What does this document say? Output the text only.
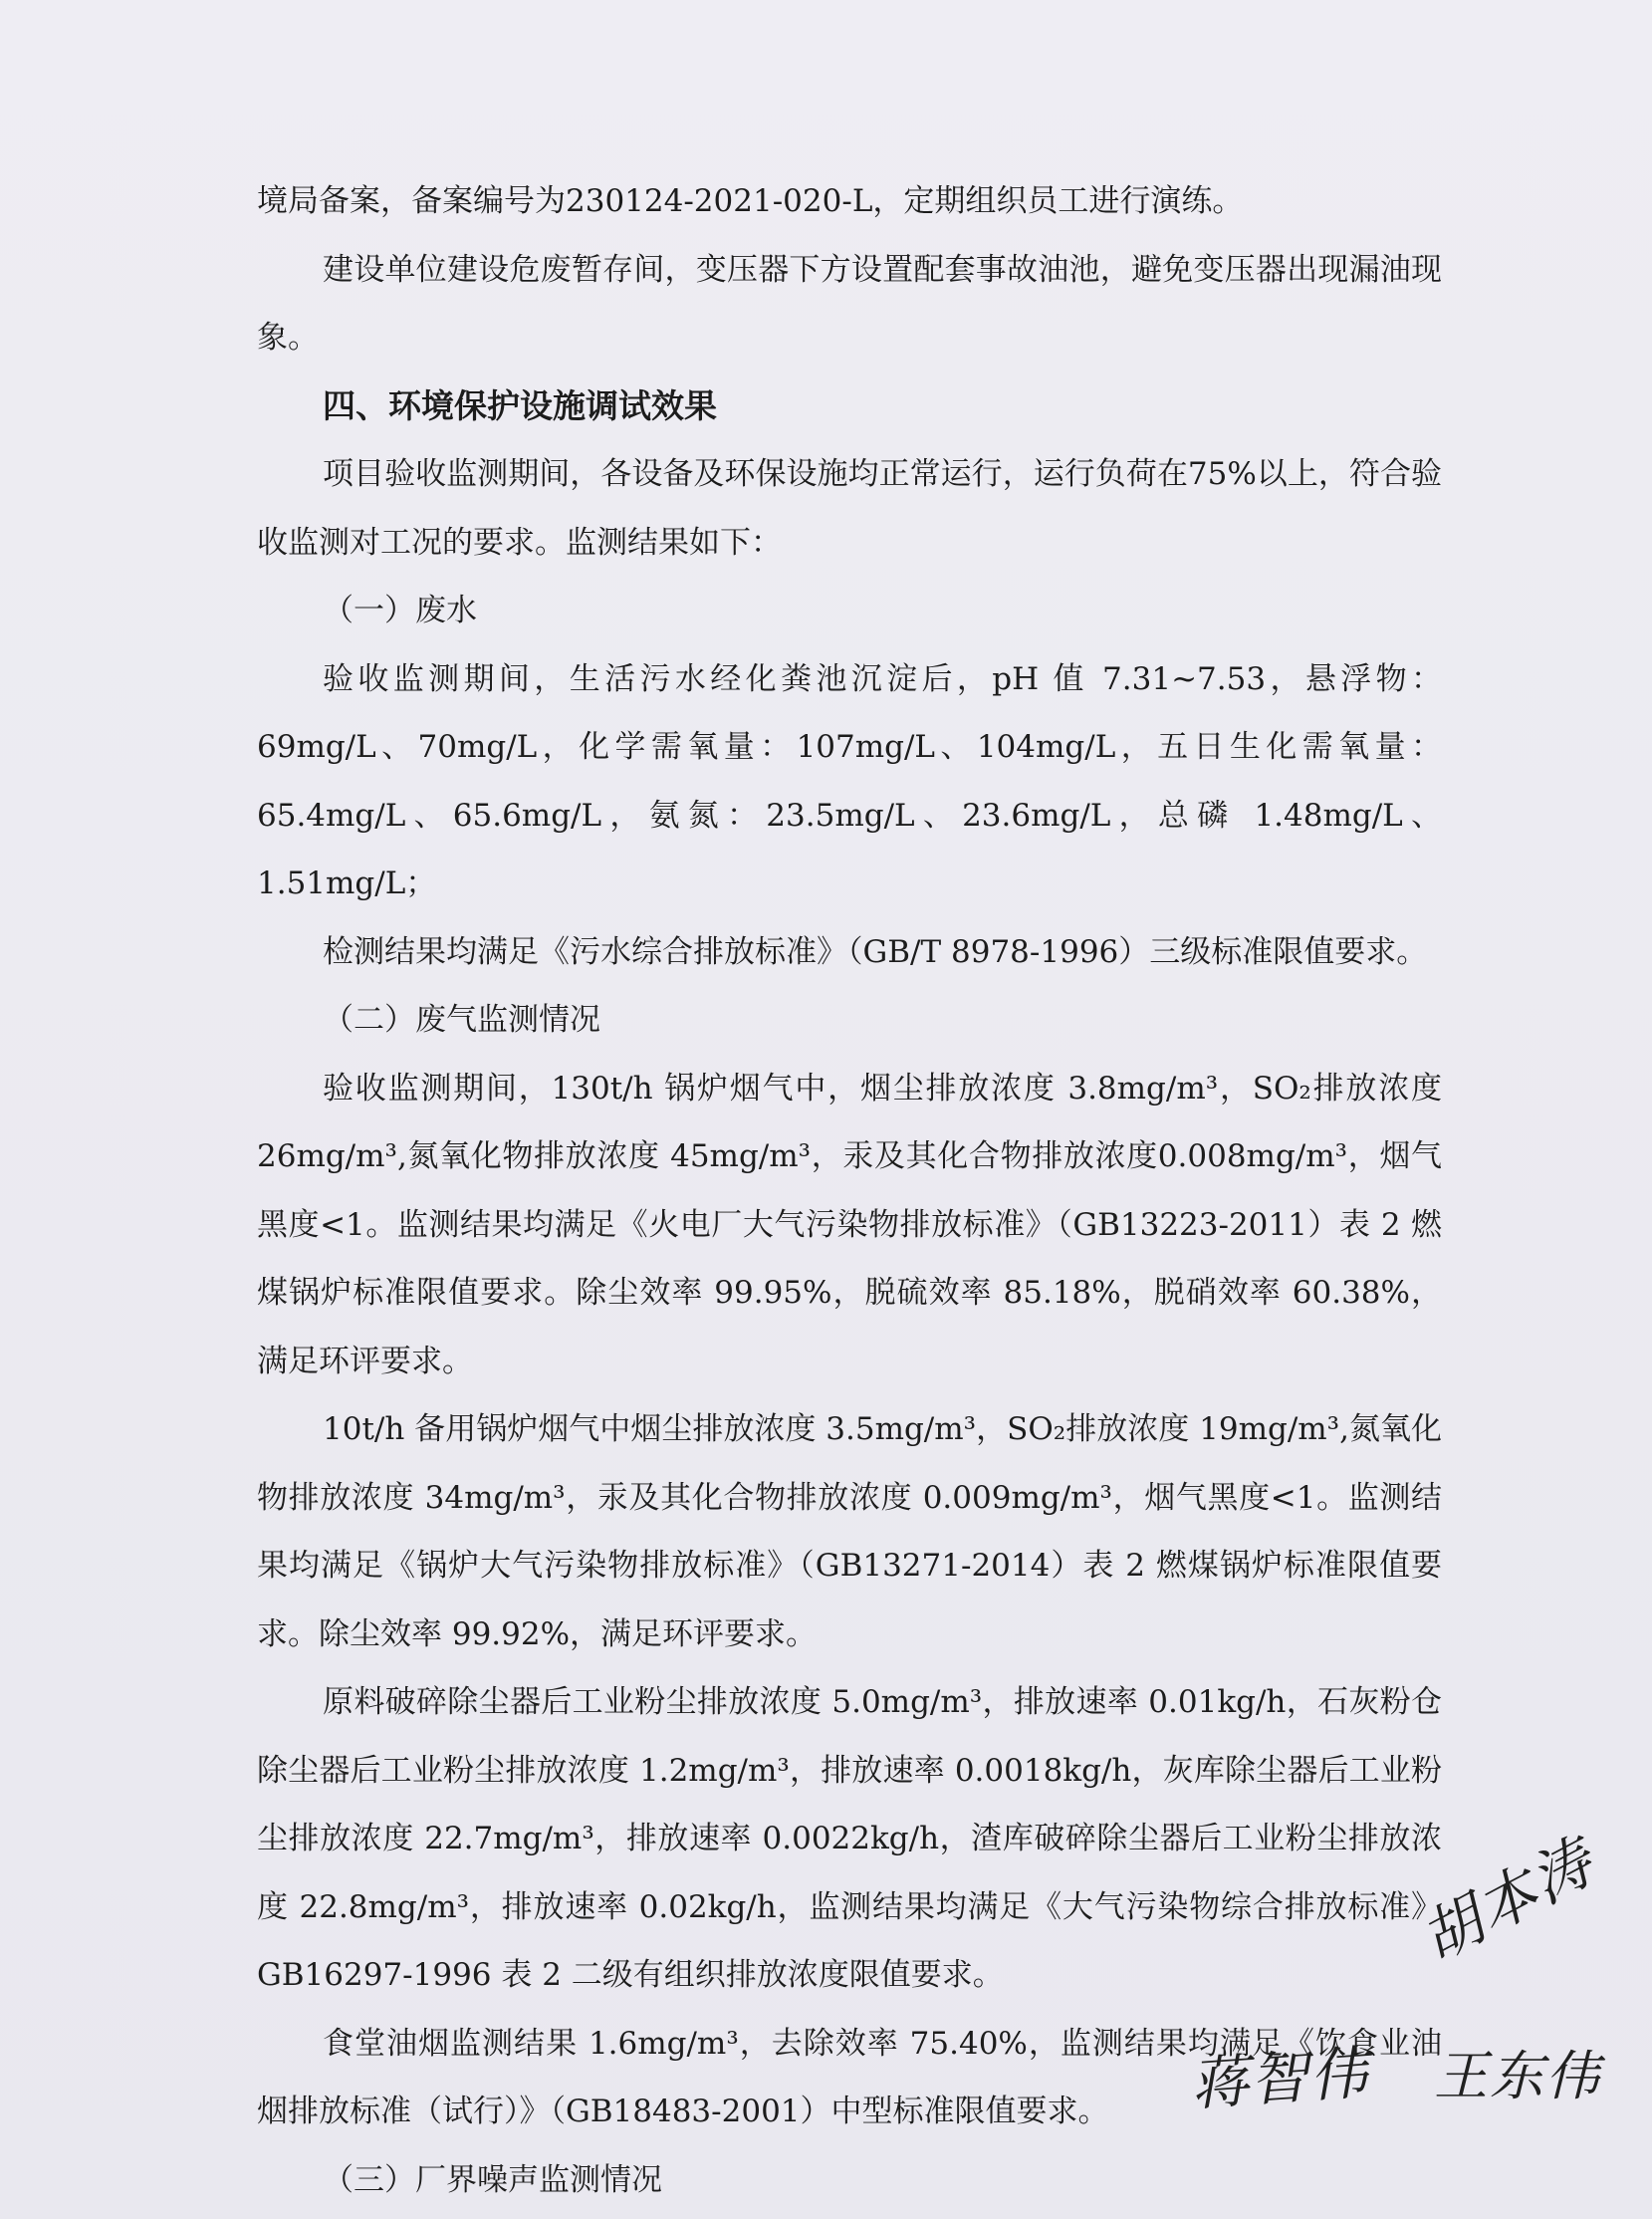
境局备案，备案编号为230124-2021-020-L，定期组织员工进行演练。

建设单位建设危废暂存间，变压器下方设置配套事故油池，避免变压器出现漏油现象。

四、环境保护设施调试效果

项目验收监测期间，各设备及环保设施均正常运行，运行负荷在75%以上，符合验收监测对工况的要求。监测结果如下：

（一）废水

验收监测期间，生活污水经化粪池沉淀后，pH 值 7.31~7.53，悬浮物：69mg/L、70mg/L，化学需氧量：107mg/L、104mg/L，五日生化需氧量：65.4mg/L、65.6mg/L，氨氮：23.5mg/L、23.6mg/L，总磷 1.48mg/L、1.51mg/L；

检测结果均满足《污水综合排放标准》（GB/T 8978-1996）三级标准限值要求。

（二）废气监测情况

验收监测期间，130t/h 锅炉烟气中，烟尘排放浓度 3.8mg/m³，SO₂排放浓度 26mg/m³,氮氧化物排放浓度 45mg/m³，汞及其化合物排放浓度0.008mg/m³，烟气黑度<1。监测结果均满足《火电厂大气污染物排放标准》（GB13223-2011）表 2 燃煤锅炉标准限值要求。除尘效率 99.95%，脱硫效率 85.18%，脱硝效率 60.38%，满足环评要求。

10t/h 备用锅炉烟气中烟尘排放浓度 3.5mg/m³，SO₂排放浓度 19mg/m³,氮氧化物排放浓度 34mg/m³，汞及其化合物排放浓度 0.009mg/m³，烟气黑度<1。监测结果均满足《锅炉大气污染物排放标准》（GB13271-2014）表 2 燃煤锅炉标准限值要求。除尘效率 99.92%，满足环评要求。

原料破碎除尘器后工业粉尘排放浓度 5.0mg/m³，排放速率 0.01kg/h，石灰粉仓除尘器后工业粉尘排放浓度 1.2mg/m³，排放速率 0.0018kg/h，灰库除尘器后工业粉尘排放浓度 22.7mg/m³，排放速率 0.0022kg/h，渣库破碎除尘器后工业粉尘排放浓度 22.8mg/m³，排放速率 0.02kg/h，监测结果均满足《大气污染物综合排放标准》GB16297-1996 表 2 二级有组织排放浓度限值要求。

食堂油烟监测结果 1.6mg/m³，去除效率 75.40%，监测结果均满足《饮食业油烟排放标准（试行）》（GB18483-2001）中型标准限值要求。

（三）厂界噪声监测情况

胡本涛
蒋智伟 王东伟
